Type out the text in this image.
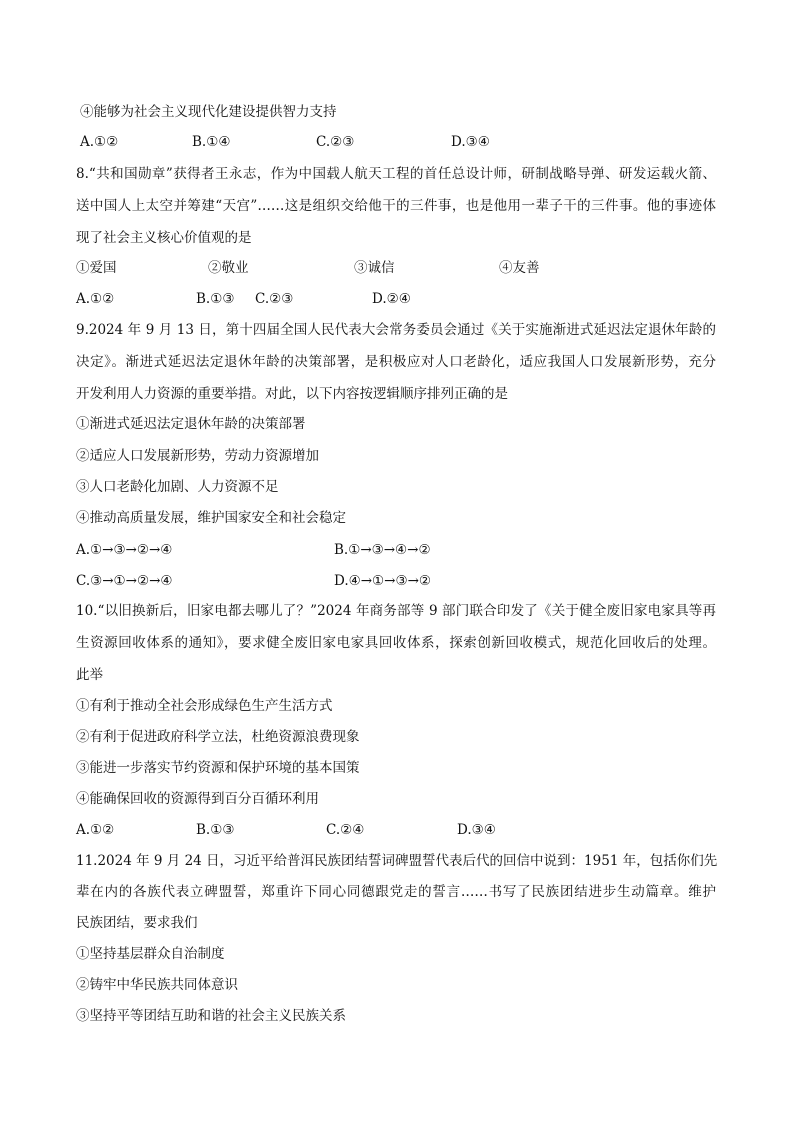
④能够为社会主义现代化建设提供智力支持
A.①②	B.①④	C.②③	D.③④
8.“共和国勋章”获得者王永志，作为中国载人航天工程的首任总设计师，研制战略导弹、研发运载火箭、
送中国人上太空并筹建“天宫”……这是组织交给他干的三件事，也是他用一辈子干的三件事。他的事迹体
现了社会主义核心价值观的是
①爱国	②敬业	③诚信	④友善
A.①②	B.①③ C.②③	D.②④
9.2024 年 9 月 13 日，第十四届全国人民代表大会常务委员会通过《关于实施渐进式延迟法定退休年龄的
决定》。渐进式延迟法定退休年龄的决策部署，是积极应对人口老龄化，适应我国人口发展新形势，充分
开发利用人力资源的重要举措。对此，以下内容按逻辑顺序排列正确的是
①渐进式延迟法定退休年龄的决策部署
②适应人口发展新形势，劳动力资源增加
③人口老龄化加剧、人力资源不足
④推动高质量发展，维护国家安全和社会稳定
A.①→③→②→④	B.①→③→④→②
C.③→①→②→④	D.④→①→③→②
10.“以旧换新后，旧家电都去哪儿了？”2024 年商务部等 9 部门联合印发了《关于健全废旧家电家具等再
生资源回收体系的通知》，要求健全废旧家电家具回收体系，探索创新回收模式，规范化回收后的处理。
此举
①有利于推动全社会形成绿色生产生活方式
②有利于促进政府科学立法，杜绝资源浪费现象
③能进一步落实节约资源和保护环境的基本国策
④能确保回收的资源得到百分百循环利用
A.①②	B.①③	C.②④	D.③④
11.2024 年 9 月 24 日，习近平给普洱民族团结誓词碑盟誓代表后代的回信中说到：1951 年，包括你们先
辈在内的各族代表立碑盟誓，郑重许下同心同德跟党走的誓言……书写了民族团结进步生动篇章。维护
民族团结，要求我们
①坚持基层群众自治制度
②铸牢中华民族共同体意识
③坚持平等团结互助和谐的社会主义民族关系
